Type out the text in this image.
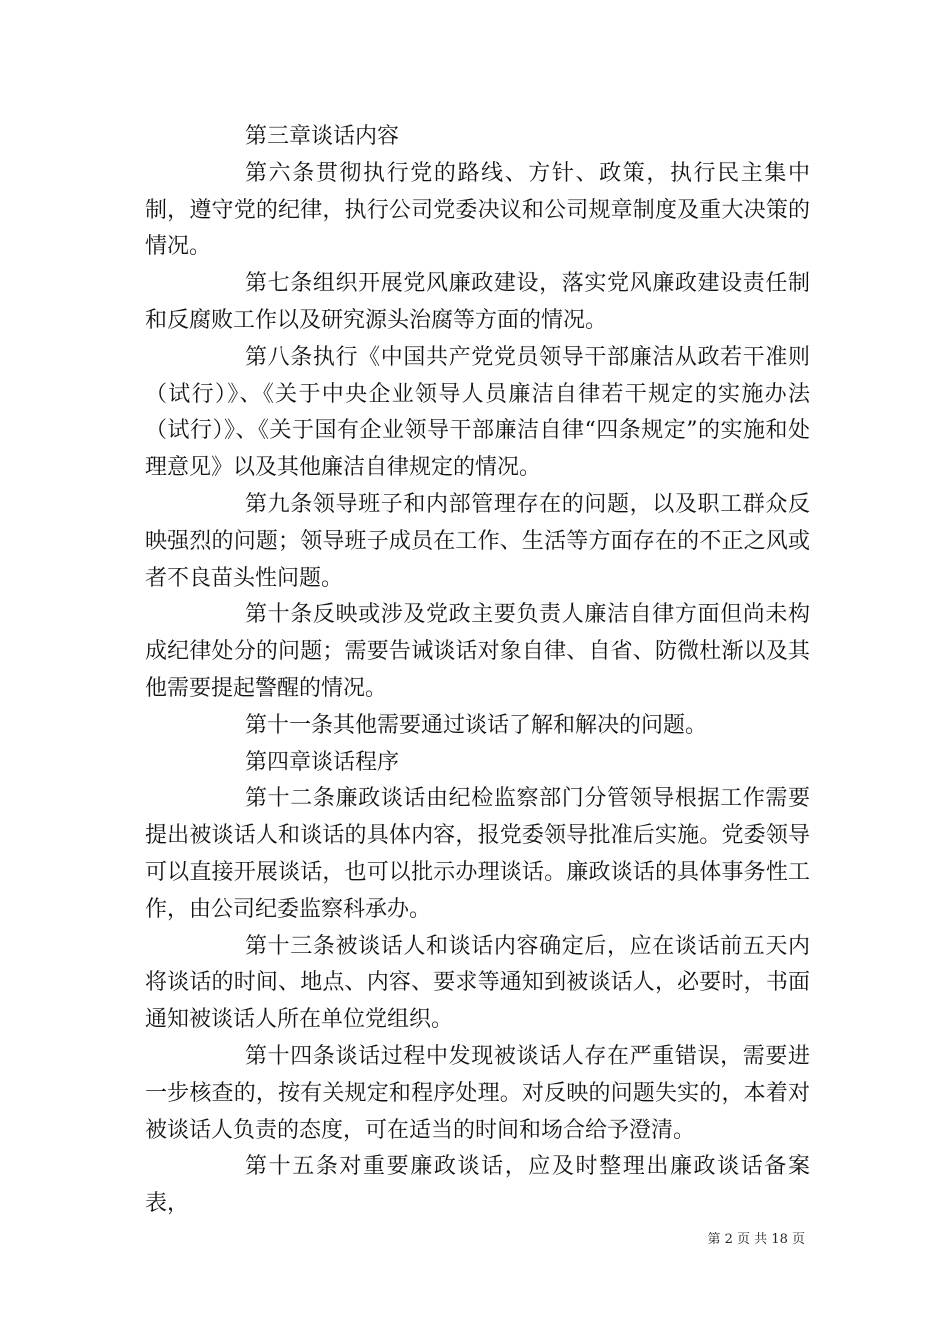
第三章谈话内容

第六条贯彻执行党的路线、方针、政策，执行民主集中制，遵守党的纪律，执行公司党委决议和公司规章制度及重大决策的情况。

第七条组织开展党风廉政建设，落实党风廉政建设责任制和反腐败工作以及研究源头治腐等方面的情况。

第八条执行《中国共产党党员领导干部廉洁从政若干准则（试行）》、《关于中央企业领导人员廉洁自律若干规定的实施办法（试行）》、《关于国有企业领导干部廉洁自律“四条规定”的实施和处理意见》以及其他廉洁自律规定的情况。

第九条领导班子和内部管理存在的问题，以及职工群众反映强烈的问题；领导班子成员在工作、生活等方面存在的不正之风或者不良苗头性问题。

第十条反映或涉及党政主要负责人廉洁自律方面但尚未构成纪律处分的问题；需要告诫谈话对象自律、自省、防微杜渐以及其他需要提起警醒的情况。

第十一条其他需要通过谈话了解和解决的问题。

第四章谈话程序

第十二条廉政谈话由纪检监察部门分管领导根据工作需要提出被谈话人和谈话的具体内容，报党委领导批准后实施。党委领导可以直接开展谈话，也可以批示办理谈话。廉政谈话的具体事务性工作，由公司纪委监察科承办。

第十三条被谈话人和谈话内容确定后，应在谈话前五天内将谈话的时间、地点、内容、要求等通知到被谈话人，必要时，书面通知被谈话人所在单位党组织。

第十四条谈话过程中发现被谈话人存在严重错误，需要进一步核查的，按有关规定和程序处理。对反映的问题失实的，本着对被谈话人负责的态度，可在适当的时间和场合给予澄清。

第十五条对重要廉政谈话，应及时整理出廉政谈话备案表，

第 2 页 共 18 页
